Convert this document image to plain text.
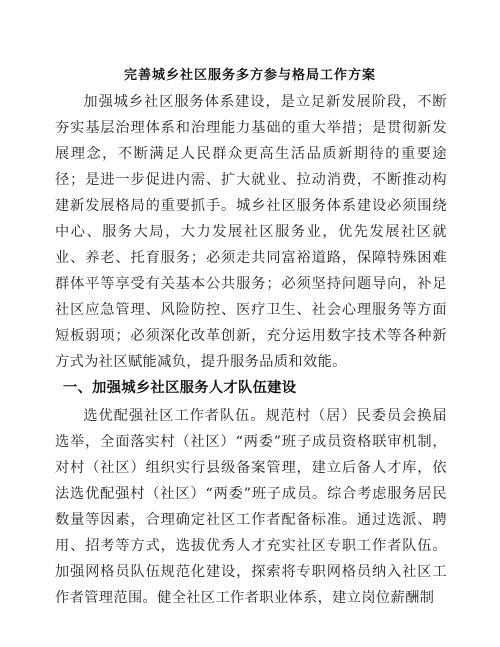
完善城乡社区服务多方参与格局工作方案

加强城乡社区服务体系建设，是立足新发展阶段，不断夯实基层治理体系和治理能力基础的重大举措；是贯彻新发展理念，不断满足人民群众更高生活品质新期待的重要途径；是进一步促进内需、扩大就业、拉动消费，不断推动构建新发展格局的重要抓手。城乡社区服务体系建设必须围绕中心、服务大局，大力发展社区服务业，优先发展社区就业、养老、托育服务；必须走共同富裕道路，保障特殊困难群体平等享受有关基本公共服务；必须坚持问题导向，补足社区应急管理、风险防控、医疗卫生、社会心理服务等方面短板弱项；必须深化改革创新，充分运用数字技术等各种新方式为社区赋能减负，提升服务品质和效能。

一、加强城乡社区服务人才队伍建设

选优配强社区工作者队伍。规范村（居）民委员会换届选举，全面落实村（社区）“两委”班子成员资格联审机制，对村（社区）组织实行县级备案管理，建立后备人才库，依法选优配强村（社区）“两委”班子成员。综合考虑服务居民数量等因素，合理确定社区工作者配备标准。通过选派、聘用、招考等方式，选拔优秀人才充实社区专职工作者队伍。加强网格员队伍规范化建设，探索将专职网格员纳入社区工作者管理范围。健全社区工作者职业体系，建立岗位薪酬制
